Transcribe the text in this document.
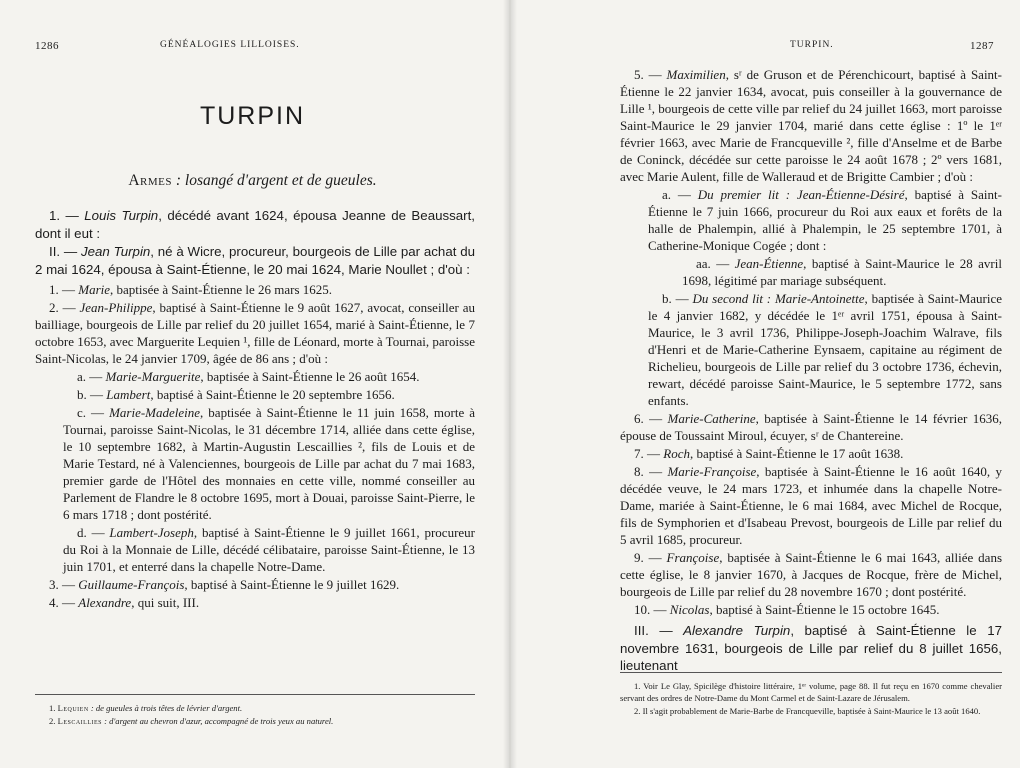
1286	GÉNÉALOGIES LILLOISES.
TURPIN
Armes : losangé d'argent et de gueules.

1. — Louis Turpin, décédé avant 1624, épousa Jeanne de Beaussart, dont il eut :

II. — Jean Turpin, né à Wicre, procureur, bourgeois de Lille par achat du 2 mai 1624, épousa à Saint-Étienne, le 20 mai 1624, Marie Noullet ; d'où :

1. — Marie, baptisée à Saint-Étienne le 26 mars 1625.

2. — Jean-Philippe, baptisé à Saint-Étienne le 9 août 1627, avocat, conseiller au bailliage, bourgeois de Lille par relief du 20 juillet 1654, marié à Saint-Étienne, le 7 octobre 1653, avec Marguerite Lequien ¹, fille de Léonard, morte à Tournai, paroisse Saint-Nicolas, le 24 janvier 1709, âgée de 86 ans ; d'où :

a. — Marie-Marguerite, baptisée à Saint-Étienne le 26 août 1654.

b. — Lambert, baptisé à Saint-Étienne le 20 septembre 1656.

c. — Marie-Madeleine, baptisée à Saint-Étienne le 11 juin 1658, morte à Tournai, paroisse Saint-Nicolas, le 31 décembre 1714, alliée dans cette église, le 10 septembre 1682, à Martin-Augustin Lescaillies ², fils de Louis et de Marie Testard, né à Valenciennes, bourgeois de Lille par achat du 7 mai 1683, premier garde de l'Hôtel des monnaies en cette ville, nommé conseiller au Parlement de Flandre le 8 octobre 1695, mort à Douai, paroisse Saint-Pierre, le 6 mars 1718 ; dont postérité.

d. — Lambert-Joseph, baptisé à Saint-Étienne le 9 juillet 1661, procureur du Roi à la Monnaie de Lille, décédé célibataire, paroisse Saint-Étienne, le 13 juin 1701, et enterré dans la chapelle Notre-Dame.

3. — Guillaume-François, baptisé à Saint-Étienne le 9 juillet 1629.

4. — Alexandre, qui suit, III.

1. Lequien : de gueules à trois têtes de lévrier d'argent.

2. Lescaillies : d'argent au chevron d'azur, accompagné de trois yeux au naturel.

TURPIN.	1287

5. — Maximilien, sʳ de Gruson et de Pérenchicourt, baptisé à Saint-Étienne le 22 janvier 1634, avocat, puis conseiller à la gouvernance de Lille ¹, bourgeois de cette ville par relief du 24 juillet 1663, mort paroisse Saint-Maurice le 29 janvier 1704, marié dans cette église : 1º le 1ᵉʳ février 1663, avec Marie de Francqueville ², fille d'Anselme et de Barbe de Coninck, décédée sur cette paroisse le 24 août 1678 ; 2º vers 1681, avec Marie Aulent, fille de Walleraud et de Brigitte Cambier ; d'où :

a. — Du premier lit : Jean-Étienne-Désiré, baptisé à Saint-Étienne le 7 juin 1666, procureur du Roi aux eaux et forêts de la halle de Phalempin, allié à Phalempin, le 25 septembre 1701, à Catherine-Monique Cogée ; dont :

aa. — Jean-Étienne, baptisé à Saint-Maurice le 28 avril 1698, légitimé par mariage subséquent.

b. — Du second lit : Marie-Antoinette, baptisée à Saint-Maurice le 4 janvier 1682, y décédée le 1ᵉʳ avril 1751, épousa à Saint-Maurice, le 3 avril 1736, Philippe-Joseph-Joachim Walrave, fils d'Henri et de Marie-Catherine Eynsaem, capitaine au régiment de Richelieu, bourgeois de Lille par relief du 3 octobre 1736, échevin, rewart, décédé paroisse Saint-Maurice, le 5 septembre 1772, sans enfants.

6. — Marie-Catherine, baptisée à Saint-Étienne le 14 février 1636, épouse de Toussaint Miroul, écuyer, sʳ de Chantereine.

7. — Roch, baptisé à Saint-Étienne le 17 août 1638.

8. — Marie-Françoise, baptisée à Saint-Étienne le 16 août 1640, y décédée veuve, le 24 mars 1723, et inhumée dans la chapelle Notre-Dame, mariée à Saint-Étienne, le 6 mai 1684, avec Michel de Rocque, fils de Symphorien et d'Isabeau Prevost, bourgeois de Lille par relief du 5 avril 1685, procureur.

9. — Françoise, baptisée à Saint-Étienne le 6 mai 1643, alliée dans cette église, le 8 janvier 1670, à Jacques de Rocque, frère de Michel, bourgeois de Lille par relief du 28 novembre 1670 ; dont postérité.

10. — Nicolas, baptisé à Saint-Étienne le 15 octobre 1645.

III. — Alexandre Turpin, baptisé à Saint-Étienne le 17 novembre 1631, bourgeois de Lille par relief du 8 juillet 1656, lieutenant

1. Voir Le Glay, Spicilège d'histoire littéraire, 1ᵉʳ volume, page 88. Il fut reçu en 1670 comme chevalier servant des ordres de Notre-Dame du Mont Carmel et de Saint-Lazare de Jérusalem.

2. Il s'agit probablement de Marie-Barbe de Francqueville, baptisée à Saint-Maurice le 13 août 1640.
